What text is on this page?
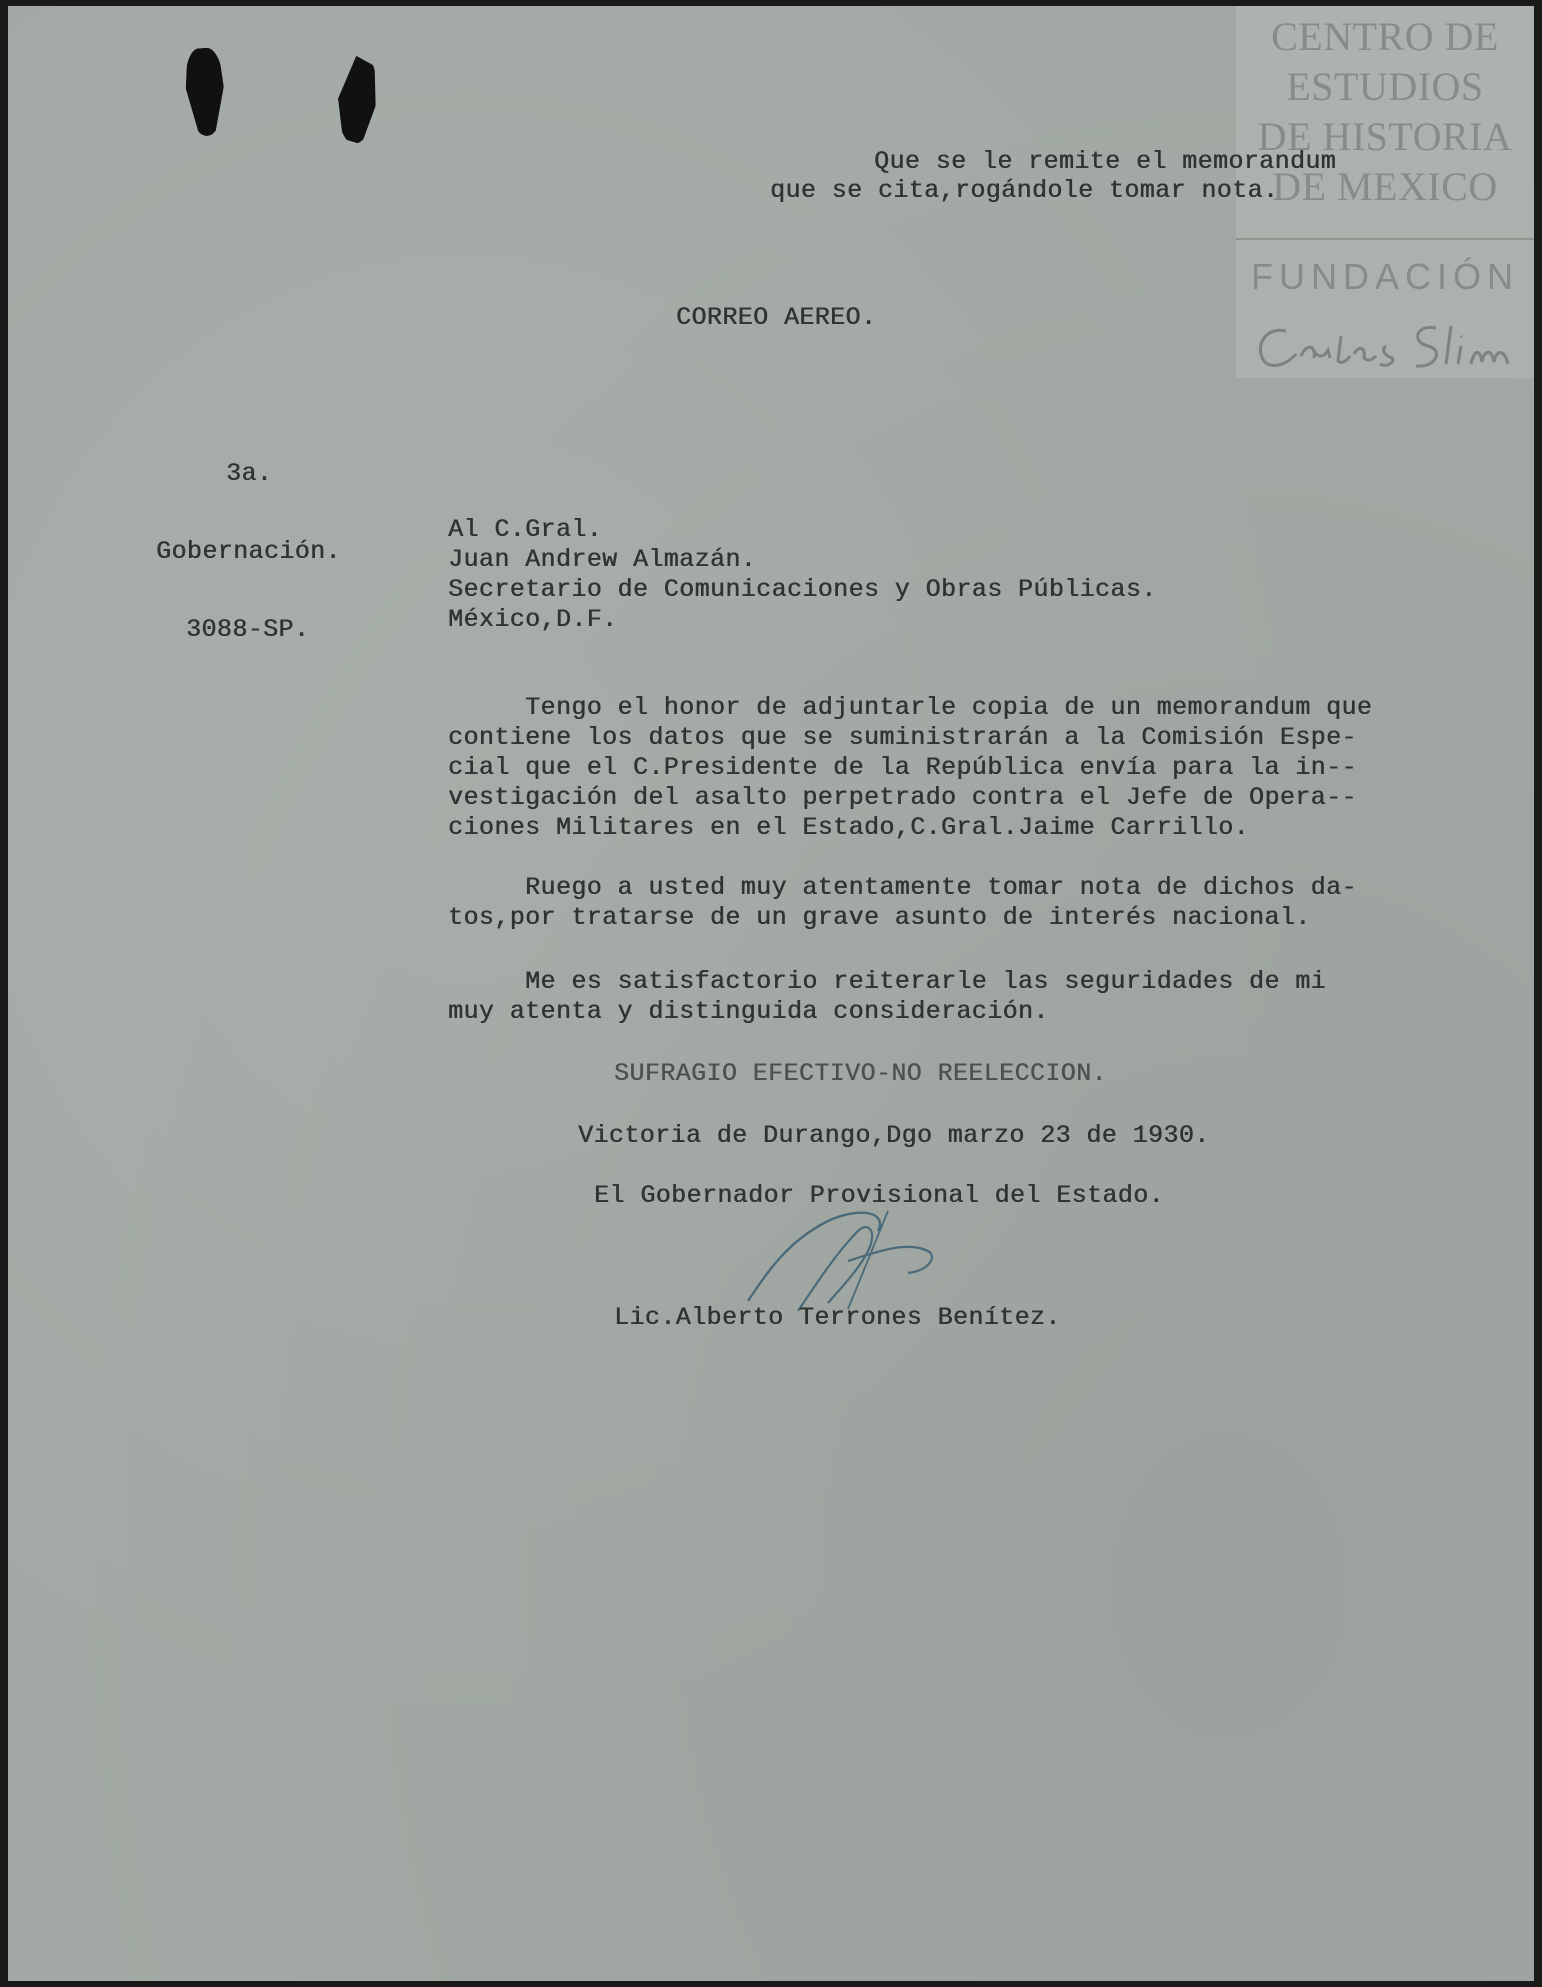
CENTRO DE
ESTUDIOS
DE HISTORIA
DE MEXICO
FUNDACIÓN
Que se le remite el memorandum
que se cita,rogándole tomar nota.
CORREO AEREO.
3a.
Gobernación.
3088-SP.
Al C.Gral.
Juan Andrew Almazán.
Secretario de Comunicaciones y Obras Públicas.
México,D.F.
Tengo el honor de adjuntarle copia de un memorandum que
contiene los datos que se suministrarán a la Comisión Espe-
cial que el C.Presidente de la República envía para la in--
vestigación del asalto perpetrado contra el Jefe de Opera--
ciones Militares en el Estado,C.Gral.Jaime Carrillo.
Ruego a usted muy atentamente tomar nota de dichos da-
tos,por tratarse de un grave asunto de interés nacional.
Me es satisfactorio reiterarle las seguridades de mi
muy atenta y distinguida consideración.
SUFRAGIO EFECTIVO-NO REELECCION.
Victoria de Durango,Dgo marzo 23 de 1930.
El Gobernador Provisional del Estado.
Lic.Alberto Terrones Benítez.
